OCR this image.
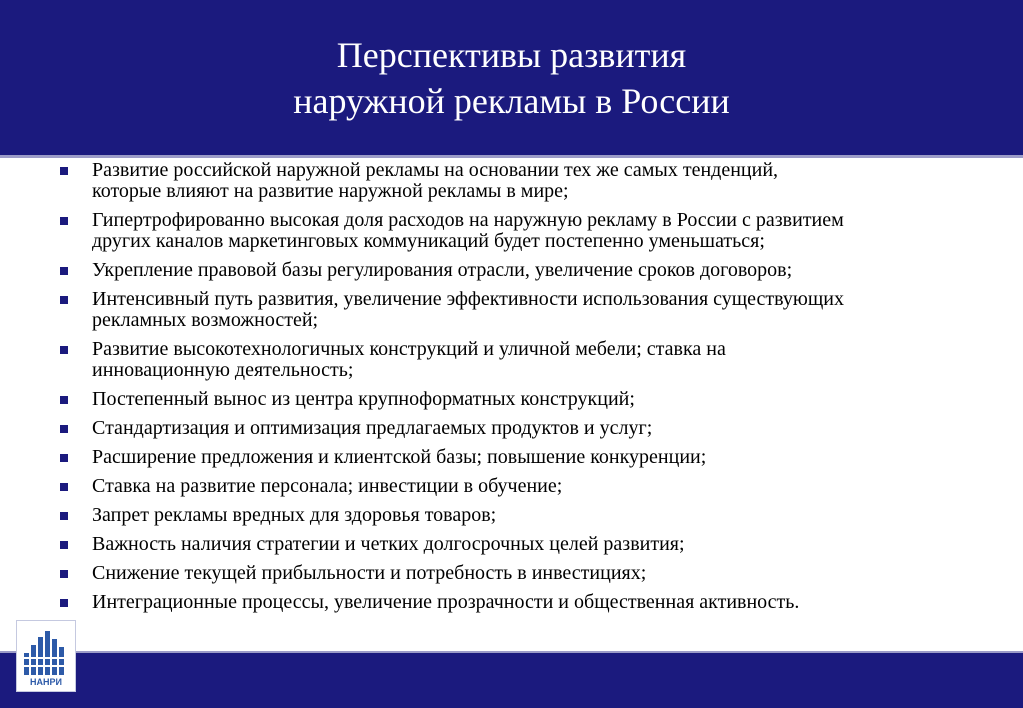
Перспективы развития
наружной рекламы в России
Развитие российской наружной рекламы на основании тех же самых тенденций,
которые влияют на развитие наружной рекламы в мире;
Гипертрофированно высокая доля расходов на наружную рекламу в России с развитием
других каналов маркетинговых коммуникаций будет постепенно уменьшаться;
Укрепление правовой базы регулирования отрасли, увеличение сроков договоров;
Интенсивный путь развития, увеличение эффективности использования существующих
рекламных возможностей;
Развитие высокотехнологичных конструкций и уличной мебели; ставка на
инновационную деятельность;
Постепенный вынос из центра крупноформатных конструкций;
Стандартизация и оптимизация предлагаемых продуктов и услуг;
Расширение предложения и клиентской базы; повышение конкуренции;
Ставка на развитие персонала; инвестиции в обучение;
Запрет рекламы вредных для здоровья товаров;
Важность наличия стратегии и четких долгосрочных целей развития;
Снижение текущей прибыльности и потребность в инвестициях;
Интеграционные процессы, увеличение прозрачности и общественная активность.
НАНРИ
